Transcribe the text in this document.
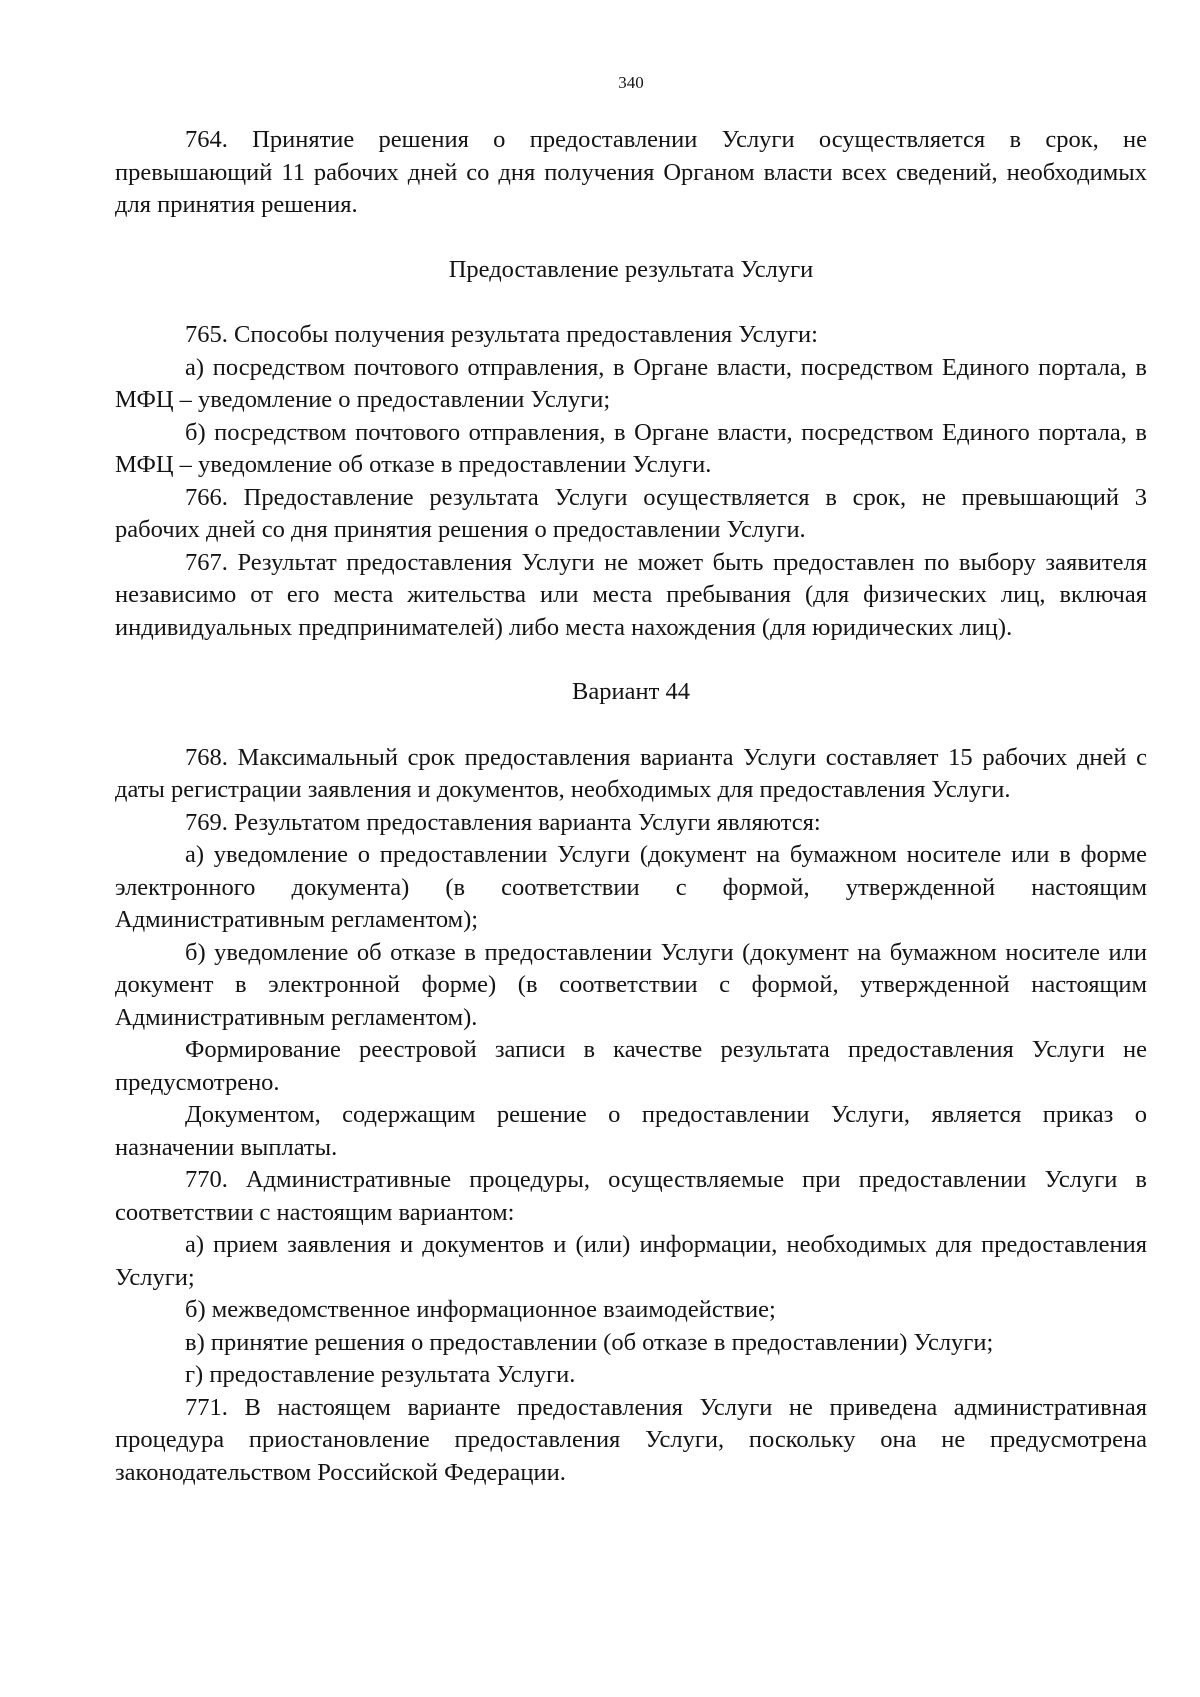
340

764. Принятие решения о предоставлении Услуги осуществляется в срок, не превышающий 11 рабочих дней со дня получения Органом власти всех сведений, необходимых для принятия решения.

Предоставление результата Услуги

765. Способы получения результата предоставления Услуги:

а) посредством почтового отправления, в Органе власти, посредством Единого портала, в МФЦ – уведомление о предоставлении Услуги;

б) посредством почтового отправления, в Органе власти, посредством Единого портала, в МФЦ – уведомление об отказе в предоставлении Услуги.

766. Предоставление результата Услуги осуществляется в срок, не превышающий 3 рабочих дней со дня принятия решения о предоставлении Услуги.

767. Результат предоставления Услуги не может быть предоставлен по выбору заявителя независимо от его места жительства или места пребывания (для физических лиц, включая индивидуальных предпринимателей) либо места нахождения (для юридических лиц).

Вариант 44

768. Максимальный срок предоставления варианта Услуги составляет 15 рабочих дней с даты регистрации заявления и документов, необходимых для предоставления Услуги.

769. Результатом предоставления варианта Услуги являются:

а) уведомление о предоставлении Услуги (документ на бумажном носителе или в форме электронного документа) (в соответствии с формой, утвержденной настоящим Административным регламентом);

б) уведомление об отказе в предоставлении Услуги (документ на бумажном носителе или документ в электронной форме) (в соответствии с формой, утвержденной настоящим Административным регламентом).

Формирование реестровой записи в качестве результата предоставления Услуги не предусмотрено.

Документом, содержащим решение о предоставлении Услуги, является приказ о назначении выплаты.

770. Административные процедуры, осуществляемые при предоставлении Услуги в соответствии с настоящим вариантом:

а) прием заявления и документов и (или) информации, необходимых для предоставления Услуги;

б) межведомственное информационное взаимодействие;

в) принятие решения о предоставлении (об отказе в предоставлении) Услуги;

г) предоставление результата Услуги.

771. В настоящем варианте предоставления Услуги не приведена административная процедура приостановление предоставления Услуги, поскольку она не предусмотрена законодательством Российской Федерации.
